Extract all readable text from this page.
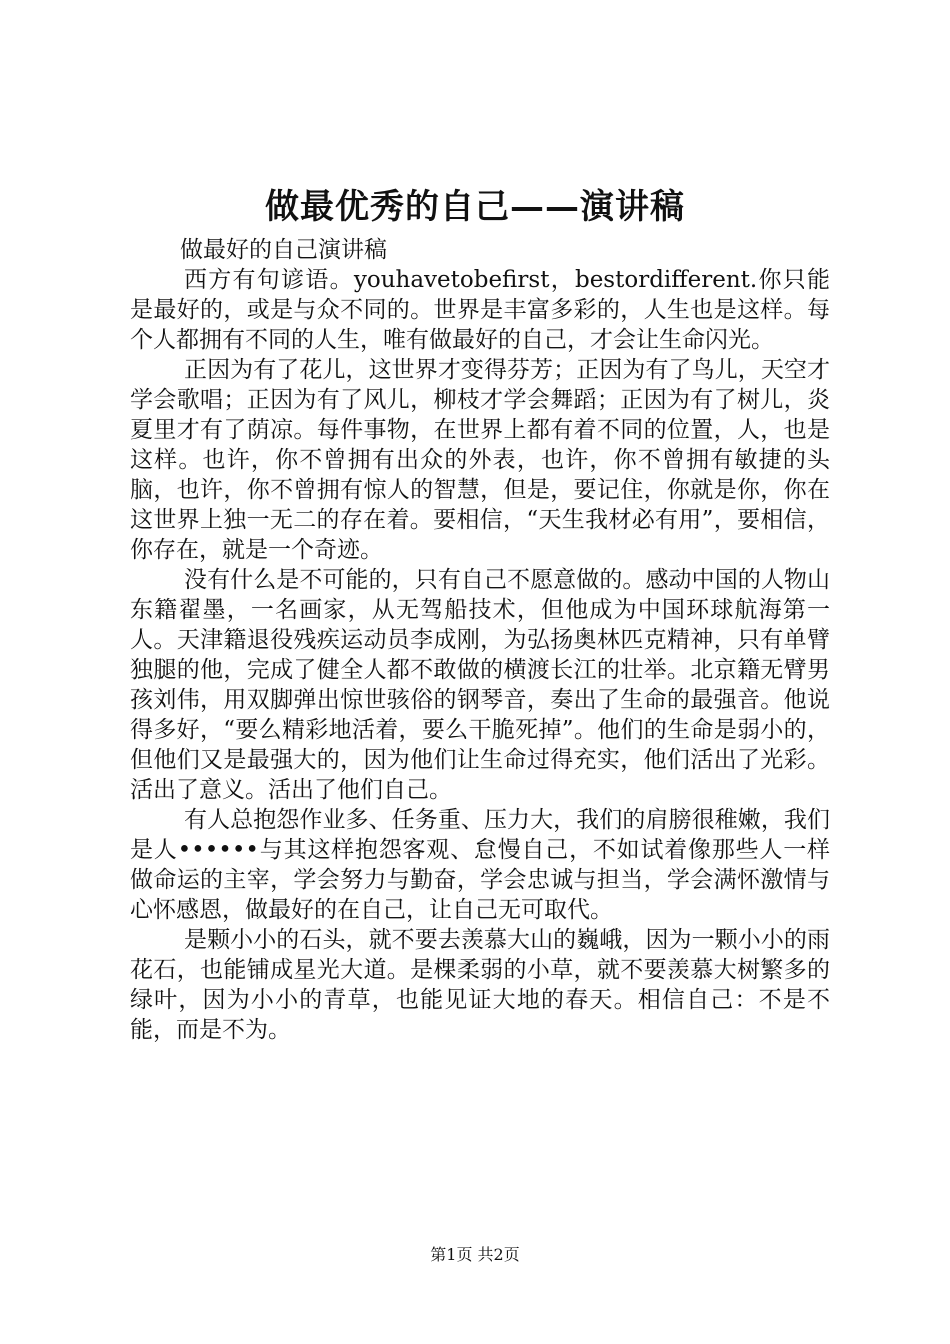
做最优秀的自己——演讲稿

做最好的自己演讲稿

西方有句谚语。youhavetobefirst，bestordifferent.你只能是最好的，或是与众不同的。世界是丰富多彩的，人生也是这样。每个人都拥有不同的人生，唯有做最好的自己，才会让生命闪光。

正因为有了花儿，这世界才变得芬芳；正因为有了鸟儿，天空才学会歌唱；正因为有了风儿，柳枝才学会舞蹈；正因为有了树儿，炎夏里才有了荫凉。每件事物，在世界上都有着不同的位置，人，也是这样。也许，你不曾拥有出众的外表，也许，你不曾拥有敏捷的头脑，也许，你不曾拥有惊人的智慧，但是，要记住，你就是你，你在这世界上独一无二的存在着。要相信，“天生我材必有用”，要相信，你存在，就是一个奇迹。

没有什么是不可能的，只有自己不愿意做的。感动中国的人物山东籍翟墨，一名画家，从无驾船技术，但他成为中国环球航海第一人。天津籍退役残疾运动员李成刚，为弘扬奥林匹克精神，只有单臂独腿的他，完成了健全人都不敢做的横渡长江的壮举。北京籍无臂男孩刘伟，用双脚弹出惊世骇俗的钢琴音，奏出了生命的最强音。他说得多好，“要么精彩地活着，要么干脆死掉”。他们的生命是弱小的，但他们又是最强大的，因为他们让生命过得充实，他们活出了光彩。活出了意义。活出了他们自己。

有人总抱怨作业多、任务重、压力大，我们的肩膀很稚嫩，我们是人••••••与其这样抱怨客观、怠慢自己，不如试着像那些人一样做命运的主宰，学会努力与勤奋，学会忠诚与担当，学会满怀激情与心怀感恩，做最好的在自己，让自己无可取代。

是颗小小的石头，就不要去羡慕大山的巍峨，因为一颗小小的雨花石，也能铺成星光大道。是棵柔弱的小草，就不要羡慕大树繁多的绿叶，因为小小的青草，也能见证大地的春天。相信自己：不是不能，而是不为。

第1页 共2页
